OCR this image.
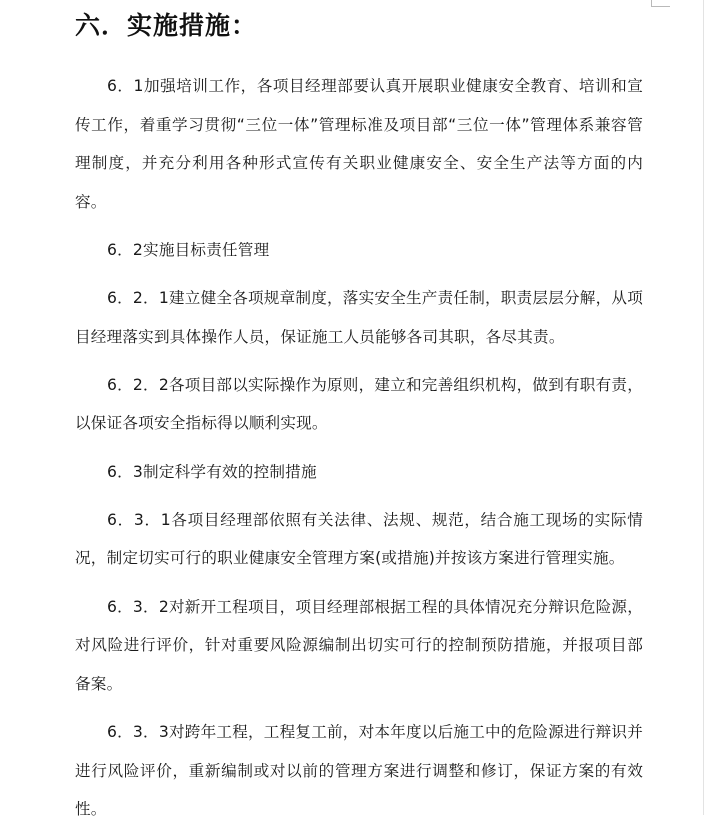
六．实施措施：

6．1加强培训工作，各项目经理部要认真开展职业健康安全教育、培训和宣传工作，着重学习贯彻“三位一体”管理标准及项目部“三位一体”管理体系兼容管理制度，并充分利用各种形式宣传有关职业健康安全、安全生产法等方面的内容。

6．2实施目标责任管理

6．2．1建立健全各项规章制度，落实安全生产责任制，职责层层分解，从项目经理落实到具体操作人员，保证施工人员能够各司其职，各尽其责。

6．2．2各项目部以实际操作为原则，建立和完善组织机构，做到有职有责，以保证各项安全指标得以顺利实现。

6．3制定科学有效的控制措施

6．3．1各项目经理部依照有关法律、法规、规范，结合施工现场的实际情况，制定切实可行的职业健康安全管理方案(或措施)并按该方案进行管理实施。

6．3．2对新开工程项目，项目经理部根据工程的具体情况充分辩识危险源，对风险进行评价，针对重要风险源编制出切实可行的控制预防措施，并报项目部备案。

6．3．3对跨年工程，工程复工前，对本年度以后施工中的危险源进行辩识并进行风险评价，重新编制或对以前的管理方案进行调整和修订，保证方案的有效性。
